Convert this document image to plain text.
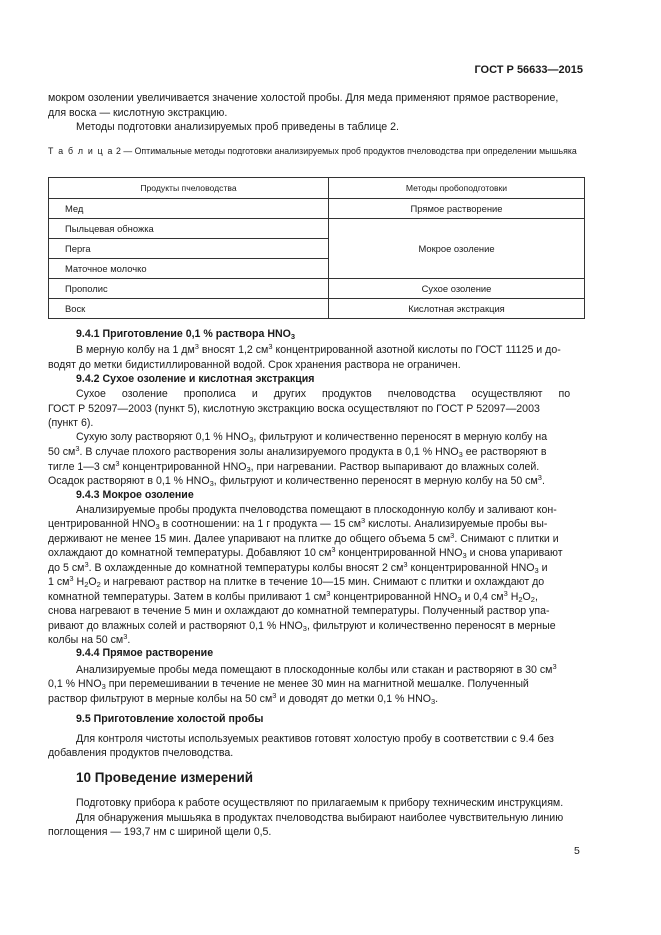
ГОСТ Р 56633—2015

мокром озолении увеличивается значение холостой пробы. Для меда применяют прямое растворение,

для воска — кислотную экстракцию.

Методы подготовки анализируемых проб приведены в таблице 2.

Т а б л и ц а 2 — Оптимальные методы подготовки анализируемых проб продуктов пчеловодства при определении мышьяка
Продукты пчеловодства	Методы пробоподготовки
Мед	Прямое растворение
Пыльцевая обножка	Мокрое озоление
Перга	
Маточное молочко	
Прополис	Сухое озоление
Воск	Кислотная экстракция

9.4.1 Приготовление 0,1 % раствора $HNO_3$

В мерную колбу на 1 $дм^3$ вносят 1,2 $см^3$ концентрированной азотной кислоты по ГОСТ 11125 и до-

водят до метки бидистиллированной водой. Срок хранения раствора не ограничен.

9.4.2 Сухое озоление и кислотная экстракция

Сухое озоление прополиса и других продуктов пчеловодства осуществляют по

ГОСТ Р 52097—2003 (пункт 5), кислотную экстракцию воска осуществляют по ГОСТ Р 52097—2003

(пункт 6).

Сухую золу растворяют 0,1 % $HNO_3$, фильтруют и количественно переносят в мерную колбу на

50 $см^3$. В случае плохого растворения золы анализируемого продукта в 0,1 % $HNO_3$ ее растворяют в

тигле 1—3 $см^3$ концентрированной $HNO_3$, при нагревании. Раствор выпаривают до влажных солей.

Осадок растворяют в 0,1 % $HNO_3$, фильтруют и количественно переносят в мерную колбу на 50 $см^3$.

9.4.3 Мокрое озоление

Анализируемые пробы продукта пчеловодства помещают в плоскодонную колбу и заливают кон-

центрированной $HNO_3$ в соотношении: на 1 г продукта — 15 $см^3$ кислоты. Анализируемые пробы вы-

держивают не менее 15 мин. Далее упаривают на плитке до общего объема 5 $см^3$. Снимают с плитки и

охлаждают до комнатной температуры. Добавляют 10 $см^3$ концентрированной $HNO_3$ и снова упаривают

до 5 $см^3$. В охлажденные до комнатной температуры колбы вносят 2 $см^3$ концентрированной $HNO_3$ и

1 $см^3$ $H_2O_2$ и нагревают раствор на плитке в течение 10—15 мин. Снимают с плитки и охлаждают до

комнатной температуры. Затем в колбы приливают 1 $см^3$ концентрированной $HNO_3$ и 0,4 $см^3$ $H_2O_2$,

снова нагревают в течение 5 мин и охлаждают до комнатной температуры. Полученный раствор упа-

ривают до влажных солей и растворяют 0,1 % $HNO_3$, фильтруют и количественно переносят в мерные

колбы на 50 $см^3$.

9.4.4 Прямое растворение

Анализируемые пробы меда помещают в плоскодонные колбы или стакан и растворяют в 30 $см^3$

0,1 % $HNO_3$ при перемешивании в течение не менее 30 мин на магнитной мешалке. Полученный

раствор фильтруют в мерные колбы на 50 $см^3$ и доводят до метки 0,1 % $HNO_3$.

9.5 Приготовление холостой пробы

Для контроля чистоты используемых реактивов готовят холостую пробу в соответствии с 9.4 без

добавления продуктов пчеловодства.

10 Проведение измерений

Подготовку прибора к работе осуществляют по прилагаемым к прибору техническим инструкциям.

Для обнаружения мышьяка в продуктах пчеловодства выбирают наиболее чувствительную линию

поглощения — 193,7 нм с шириной щели 0,5.

5
